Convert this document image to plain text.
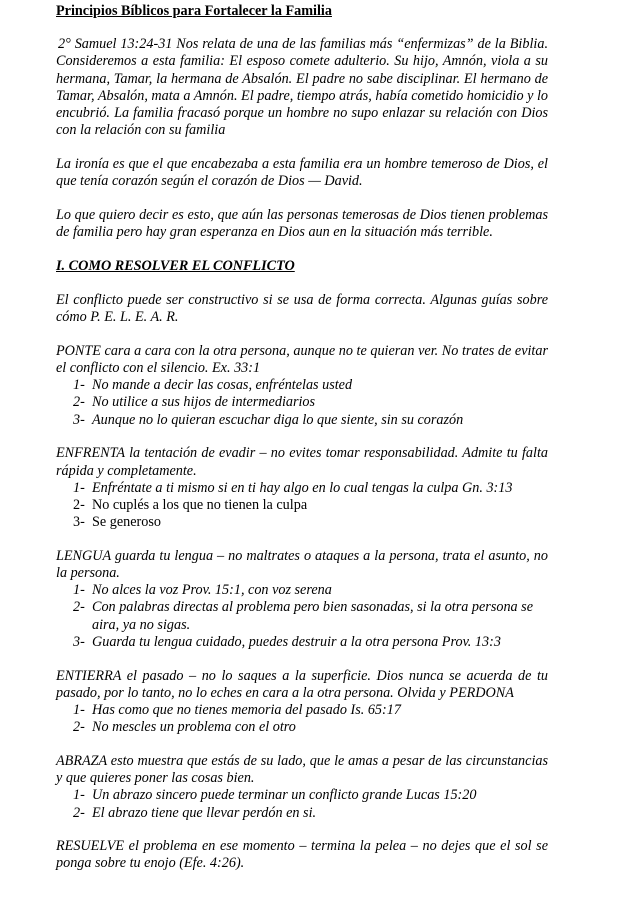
Principios Bíblicos para Fortalecer la Familia

2° Samuel 13:24-31 Nos relata de una de las familias más “enfermizas” de la Biblia. Consideremos a esta familia: El esposo comete adulterio. Su hijo, Amnón, viola a su hermana, Tamar, la hermana de Absalón. El padre no sabe disciplinar. El hermano de Tamar, Absalón, mata a Amnón. El padre, tiempo atrás, había cometido homicidio y lo encubrió. La familia fracasó porque un hombre no supo enlazar su relación con Dios con la relación con su familia

La ironía es que el que encabezaba a esta familia era un hombre temeroso de Dios, el que tenía corazón según el corazón de Dios — David.

Lo que quiero decir es esto, que aún las personas temerosas de Dios tienen problemas de familia pero hay gran esperanza en Dios aun en la situación más terrible.

I. COMO RESOLVER EL CONFLICTO

El conflicto puede ser constructivo si se usa de forma correcta. Algunas guías sobre cómo P. E. L. E. A. R.

PONTE cara a cara con la otra persona, aunque no te quieran ver. No trates de evitar el conflicto con el silencio. Ex. 33:1

1- No mande a decir las cosas, enfréntelas usted
2- No utilice a sus hijos de intermediarios
3- Aunque no lo quieran escuchar diga lo que siente, sin su corazón

ENFRENTA la tentación de evadir – no evites tomar responsabilidad. Admite tu falta rápida y completamente.

1- Enfréntate a ti mismo si en ti hay algo en lo cual tengas la culpa Gn. 3:13
2- No cuplés a los que no tienen la culpa
3- Se generoso

LENGUA guarda tu lengua – no maltrates o ataques a la persona, trata el asunto, no la persona.

1- No alces la voz Prov. 15:1, con voz serena
2- Con palabras directas al problema pero bien sasonadas, si la otra persona se aira, ya no sigas.
3- Guarda tu lengua cuidado, puedes destruir a la otra persona Prov. 13:3

ENTIERRA el pasado – no lo saques a la superficie. Dios nunca se acuerda de tu pasado, por lo tanto, no lo eches en cara a la otra persona. Olvida y PERDONA

1- Has como que no tienes memoria del pasado Is. 65:17
2- No mescles un problema con el otro

ABRAZA esto muestra que estás de su lado, que le amas a pesar de las circunstancias y que quieres poner las cosas bien.

1- Un abrazo sincero puede terminar un conflicto grande Lucas 15:20
2- El abrazo tiene que llevar perdón en si.

RESUELVE el problema en ese momento – termina la pelea – no dejes que el sol se ponga sobre tu enojo (Efe. 4:26).
